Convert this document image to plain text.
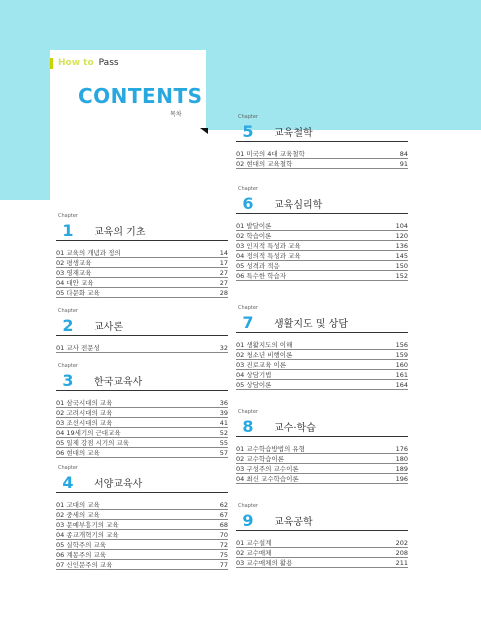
How to Pass
CONTENTS
목차
Chapter
1	교육의 기초
01 교육의 개념과 정의	14
02 평생교육	17
03 영재교육	27
04 대안 교육	27
05 다문화 교육	28
Chapter
2	교사론
01 교사 전문성	32
Chapter
3	한국교육사
01 삼국시대의 교육	36
02 고려시대의 교육	39
03 조선시대의 교육	41
04 19세기의 근대교육	52
05 일제 강점 시기의 교육	55
06 현대의 교육	57
Chapter
4	서양교육사
01 고대의 교육	62
02 중세의 교육	67
03 문예부흥기의 교육	68
04 종교개혁기의 교육	70
05 실학주의 교육	72
06 계몽주의 교육	75
07 신인문주의 교육	77
Chapter
5	교육철학
01 미국의 4대 교육철학	84
02 현대의 교육철학	91
Chapter
6	교육심리학
01 발달이론	104
02 학습이론	120
03 인지적 특성과 교육	136
04 정의적 특성과 교육	145
05 성격과 적응	150
06 특수한 학습자	152
Chapter
7	생활지도 및 상담
01 생활지도의 이해	156
02 청소년 비행이론	159
03 진로교육 이론	160
04 상담기법	161
05 상담이론	164
Chapter
8	교수·학습
01 교수학습방법의 유형	176
02 교수학습이론	180
03 구성주의 교수이론	189
04 최신 교수학습이론	196
Chapter
9	교육공학
01 교수설계	202
02 교수매체	208
03 교수매체의 활용	211
